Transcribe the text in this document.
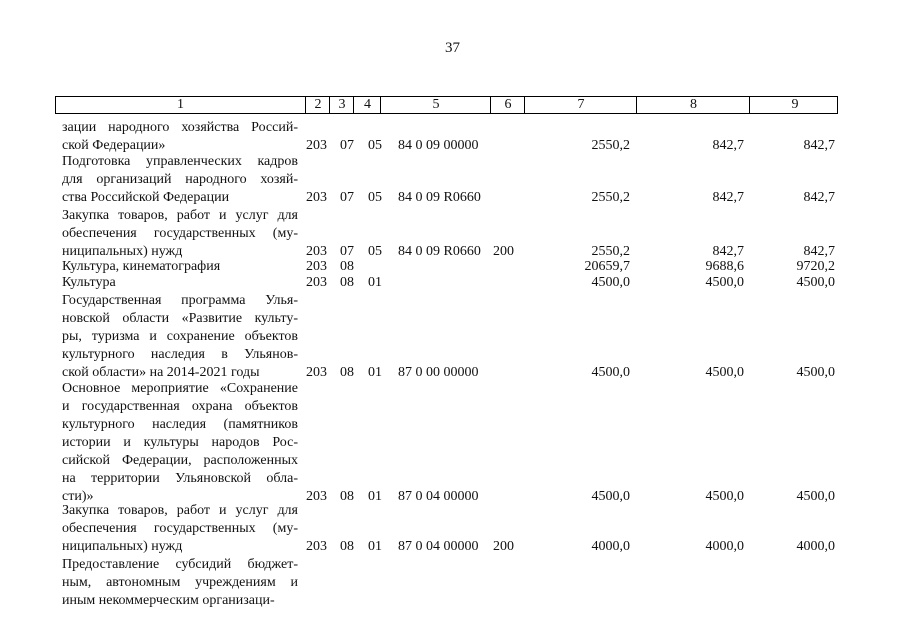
37
1	2	3	4	5	6	7	8	9
зации народного хозяйства Россий-
ской Федерации»	203 07 05 84 0 09 00000	2550,2	842,7	842,7
Подготовка управленческих кадров
для организаций народного хозяй-
ства Российской Федерации	203 07 05 84 0 09 R0660	2550,2	842,7	842,7
Закупка товаров, работ и услуг для
обеспечения государственных (му-
ниципальных) нужд	203 07 05 84 0 09 R0660 200	2550,2	842,7	842,7
Культура, кинематография	203 08	20659,7	9688,6	9720,2
Культура	203 08 01	4500,0	4500,0	4500,0
Государственная программа Улья-
новской области «Развитие культу-
ры, туризма и сохранение объектов
культурного наследия в Ульянов-
ской области» на 2014-2021 годы	203 08 01 87 0 00 00000	4500,0	4500,0	4500,0
Основное мероприятие «Сохранение
и государственная охрана объектов
культурного наследия (памятников
истории и культуры народов Рос-
сийской Федерации, расположенных
на территории Ульяновской обла-
сти)»	203 08 01 87 0 04 00000	4500,0	4500,0	4500,0
Закупка товаров, работ и услуг для
обеспечения государственных (му-
ниципальных) нужд	203 08 01 87 0 04 00000 200	4000,0	4000,0	4000,0
Предоставление субсидий бюджет-
ным, автономным учреждениям и
иным некоммерческим организаци-
